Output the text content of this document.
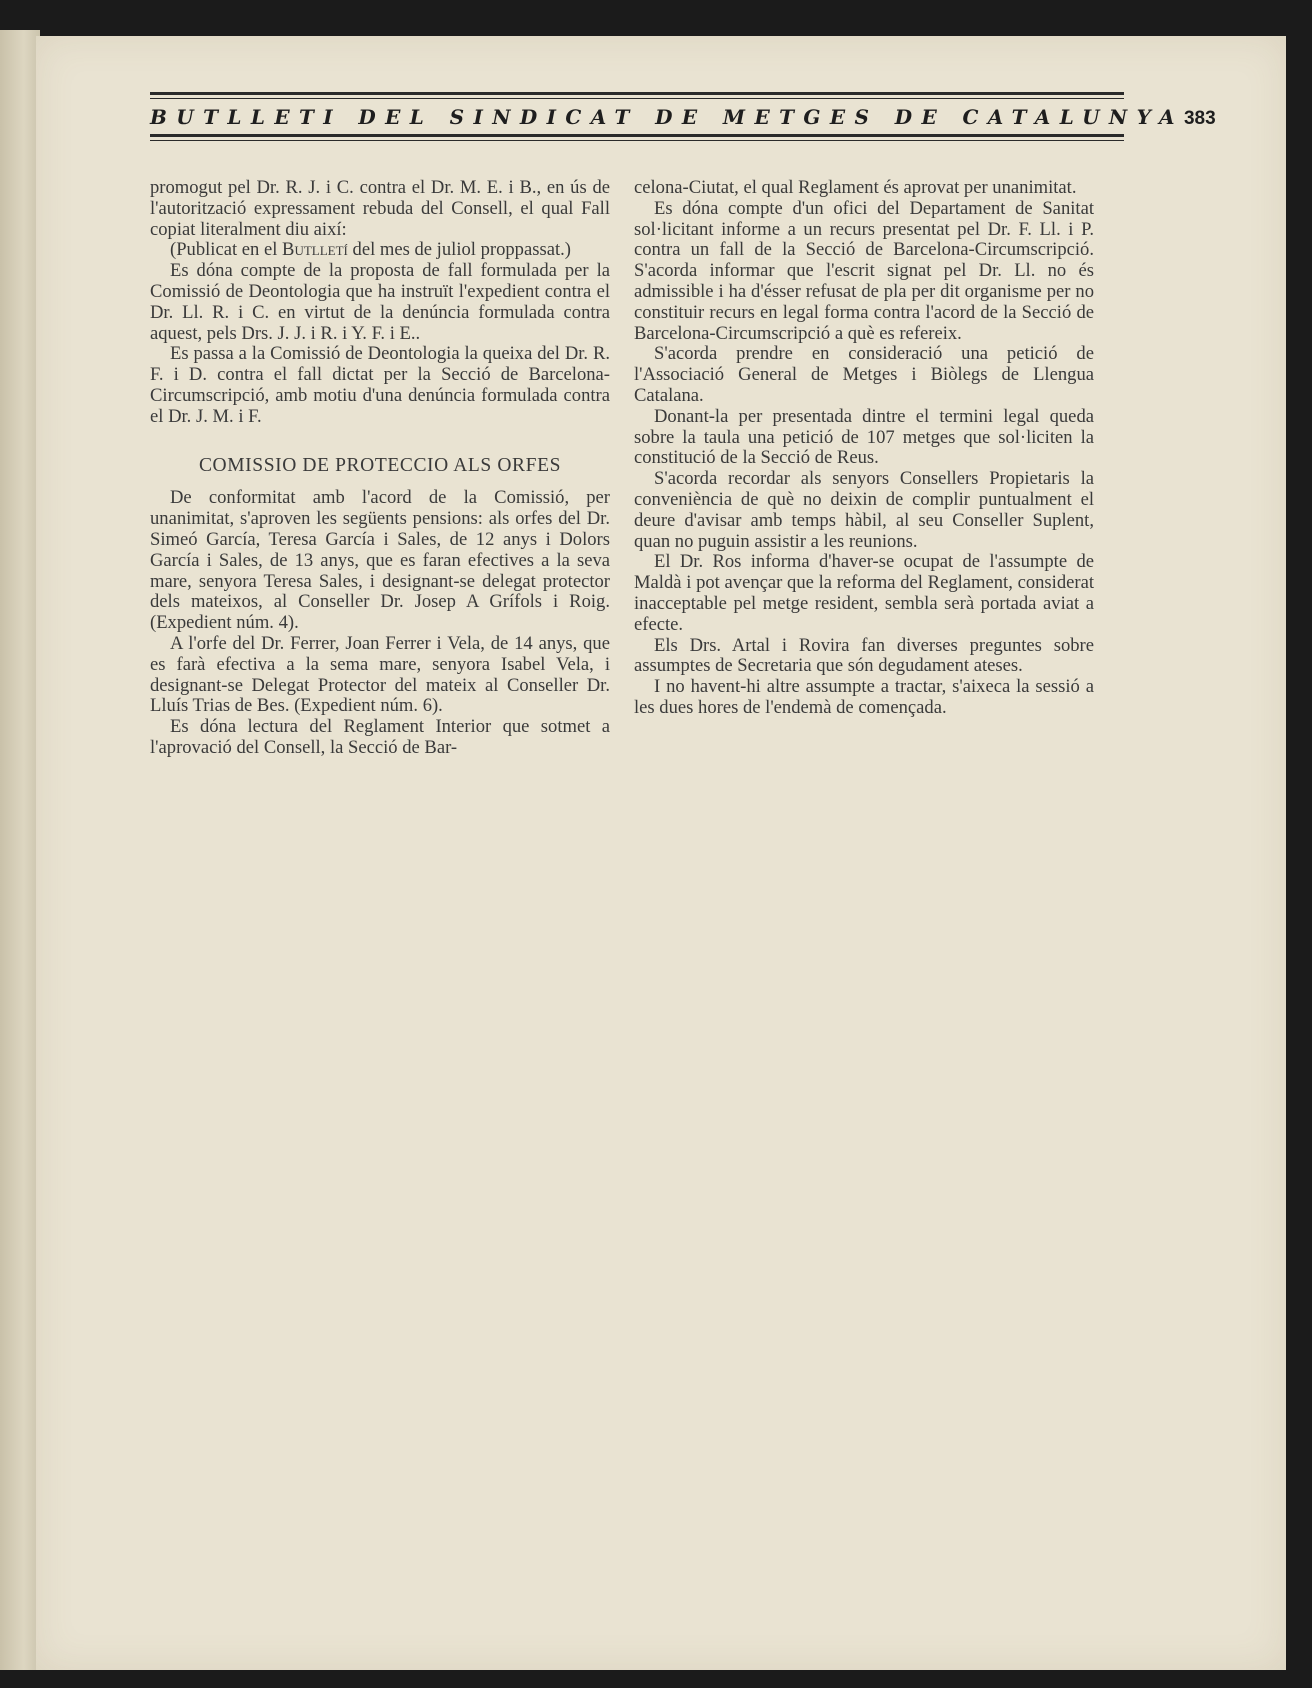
BUTLLETI DEL SINDICAT DE METGES DE CATALUNYA 383

promogut pel Dr. R. J. i C. contra el Dr. M. E. i B., en ús de l'autorització expressament rebuda del Consell, el qual Fall copiat literalment diu així:

(Publicat en el Butlletí del mes de juliol proppassat.)

Es dóna compte de la proposta de fall formulada per la Comissió de Deontologia que ha instruït l'expedient contra el Dr. Ll. R. i C. en virtut de la denúncia formulada contra aquest, pels Drs. J. J. i R. i Y. F. i E..

Es passa a la Comissió de Deontologia la queixa del Dr. R. F. i D. contra el fall dictat per la Secció de Barcelona-Circumscripció, amb motiu d'una denúncia formulada contra el Dr. J. M. i F.

COMISSIO DE PROTECCIO ALS ORFES

De conformitat amb l'acord de la Comissió, per unanimitat, s'aproven les següents pensions: als orfes del Dr. Simeó García, Teresa García i Sales, de 12 anys i Dolors García i Sales, de 13 anys, que es faran efectives a la seva mare, senyora Teresa Sales, i designant-se delegat protector dels mateixos, al Conseller Dr. Josep A Grífols i Roig. (Expedient núm. 4).

A l'orfe del Dr. Ferrer, Joan Ferrer i Vela, de 14 anys, que es farà efectiva a la sema mare, senyora Isabel Vela, i designant-se Delegat Protector del mateix al Conseller Dr. Lluís Trias de Bes. (Expedient núm. 6).

Es dóna lectura del Reglament Interior que sotmet a l'aprovació del Consell, la Secció de Bar-

celona-Ciutat, el qual Reglament és aprovat per unanimitat.

Es dóna compte d'un ofici del Departament de Sanitat sol·licitant informe a un recurs presentat pel Dr. F. Ll. i P. contra un fall de la Secció de Barcelona-Circumscripció. S'acorda informar que l'escrit signat pel Dr. Ll. no és admissible i ha d'ésser refusat de pla per dit organisme per no constituir recurs en legal forma contra l'acord de la Secció de Barcelona-Circumscripció a què es refereix.

S'acorda prendre en consideració una petició de l'Associació General de Metges i Biòlegs de Llengua Catalana.

Donant-la per presentada dintre el termini legal queda sobre la taula una petició de 107 metges que sol·liciten la constitució de la Secció de Reus.

S'acorda recordar als senyors Consellers Propietaris la conveniència de què no deixin de complir puntualment el deure d'avisar amb temps hàbil, al seu Conseller Suplent, quan no puguin assistir a les reunions.

El Dr. Ros informa d'haver-se ocupat de l'assumpte de Maldà i pot avençar que la reforma del Reglament, considerat inacceptable pel metge resident, sembla serà portada aviat a efecte.

Els Drs. Artal i Rovira fan diverses preguntes sobre assumptes de Secretaria que són degudament ateses.

I no havent-hi altre assumpte a tractar, s'aixeca la sessió a les dues hores de l'endemà de començada.
